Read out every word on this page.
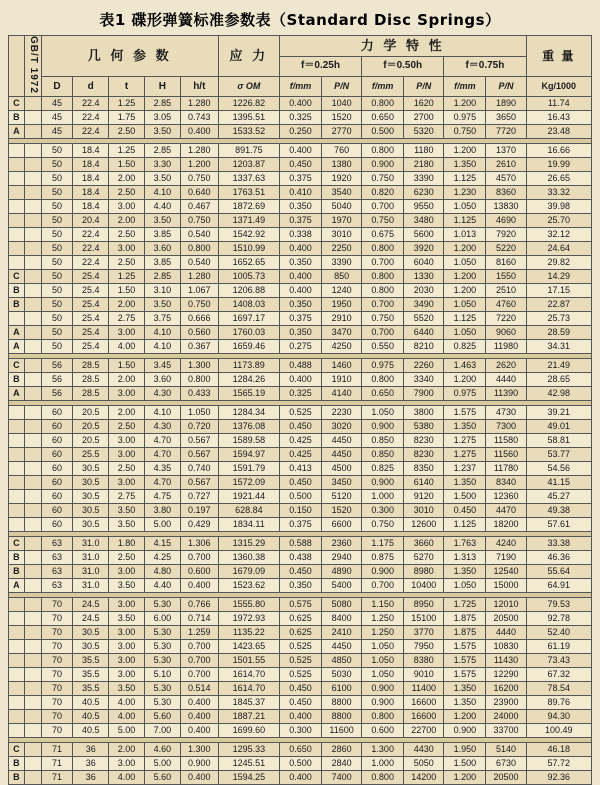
表1 碟形弹簧标准参数表（Standard Disc Springs）
	GB/T 1972	几 何 参 数					应 力	力 学 特 性						重 量
								f＝0.25h		f＝0.50h		f＝0.75h		
		D	d	t	H	h/t	σ OM	f/mm	P/N	f/mm	P/N	f/mm	P/N	Kg/1000
C		45	22.4	1.25	2.85	1.280	1226.82	0.400	1040	0.800	1620	1.200	1890	11.74
B		45	22.4	1.75	3.05	0.743	1395.51	0.325	1520	0.650	2700	0.975	3650	16.43
A		45	22.4	2.50	3.50	0.400	1533.52	0.250	2770	0.500	5320	0.750	7720	23.48

		50	18.4	1.25	2.85	1.280	891.75	0.400	760	0.800	1180	1.200	1370	16.66
		50	18.4	1.50	3.30	1.200	1203.87	0.450	1380	0.900	2180	1.350	2610	19.99
		50	18.4	2.00	3.50	0.750	1337.63	0.375	1920	0.750	3390	1.125	4570	26.65
		50	18.4	2.50	4.10	0.640	1763.51	0.410	3540	0.820	6230	1.230	8360	33.32
		50	18.4	3.00	4.40	0.467	1872.69	0.350	5040	0.700	9550	1.050	13830	39.98
		50	20.4	2.00	3.50	0.750	1371.49	0.375	1970	0.750	3480	1.125	4690	25.70
		50	22.4	2.50	3.85	0.540	1542.92	0.338	3010	0.675	5600	1.013	7920	32.12
		50	22.4	3.00	3.60	0.800	1510.99	0.400	2250	0.800	3920	1.200	5220	24.64
		50	22.4	2.50	3.85	0.540	1652.65	0.350	3390	0.700	6040	1.050	8160	29.82
C		50	25.4	1.25	2.85	1.280	1005.73	0.400	850	0.800	1330	1.200	1550	14.29
B		50	25.4	1.50	3.10	1.067	1206.88	0.400	1240	0.800	2030	1.200	2510	17.15
B		50	25.4	2.00	3.50	0.750	1408.03	0.350	1950	0.700	3490	1.050	4760	22.87
		50	25.4	2.75	3.75	0.666	1697.17	0.375	2910	0.750	5520	1.125	7220	25.73
A		50	25.4	3.00	4.10	0.560	1760.03	0.350	3470	0.700	6440	1.050	9060	28.59
A		50	25.4	4.00	4.10	0.367	1659.46	0.275	4250	0.550	8210	0.825	11980	34.31

C		56	28.5	1.50	3.45	1.300	1173.89	0.488	1460	0.975	2260	1.463	2620	21.49
B		56	28.5	2.00	3.60	0.800	1284.26	0.400	1910	0.800	3340	1.200	4440	28.65
A		56	28.5	3.00	4.30	0.433	1565.19	0.325	4140	0.650	7900	0.975	11390	42.98

		60	20.5	2.00	4.10	1.050	1284.34	0.525	2230	1.050	3800	1.575	4730	39.21
		60	20.5	2.50	4.30	0.720	1376.08	0.450	3020	0.900	5380	1.350	7300	49.01
		60	20.5	3.00	4.70	0.567	1589.58	0.425	4450	0.850	8230	1.275	11580	58.81
		60	25.5	3.00	4.70	0.567	1594.97	0.425	4450	0.850	8230	1.275	11560	53.77
		60	30.5	2.50	4.35	0.740	1591.79	0.413	4500	0.825	8350	1.237	11780	54.56
		60	30.5	3.00	4.70	0.567	1572.09	0.450	3450	0.900	6140	1.350	8340	41.15
		60	30.5	2.75	4.75	0.727	1921.44	0.500	5120	1.000	9120	1.500	12360	45.27
		60	30.5	3.50	3.80	0.197	628.84	0.150	1520	0.300	3010	0.450	4470	49.38
		60	30.5	3.50	5.00	0.429	1834.11	0.375	6600	0.750	12600	1.125	18200	57.61

C		63	31.0	1.80	4.15	1.306	1315.29	0.588	2360	1.175	3660	1.763	4240	33.38
B		63	31.0	2.50	4.25	0.700	1360.38	0.438	2940	0.875	5270	1.313	7190	46.36
B		63	31.0	3.00	4.80	0.600	1679.09	0.450	4890	0.900	8980	1.350	12540	55.64
A		63	31.0	3.50	4.40	0.400	1523.62	0.350	5400	0.700	10400	1.050	15000	64.91

		70	24.5	3.00	5.30	0.766	1555.80	0.575	5080	1.150	8950	1.725	12010	79.53
		70	24.5	3.50	6.00	0.714	1972.93	0.625	8400	1.250	15100	1.875	20500	92.78
		70	30.5	3.00	5.30	1.259	1135.22	0.625	2410	1.250	3770	1.875	4440	52.40
		70	30.5	3.00	5.30	0.700	1423.65	0.525	4450	1.050	7950	1.575	10830	61.19
		70	35.5	3.00	5.30	0.700	1501.55	0.525	4850	1.050	8380	1.575	11430	73.43
		70	35.5	3.00	5.10	0.700	1614.70	0.525	5030	1.050	9010	1.575	12290	67.32
		70	35.5	3.50	5.30	0.514	1614.70	0.450	6100	0.900	11400	1.350	16200	78.54
		70	40.5	4.00	5.30	0.400	1845.37	0.450	8800	0.900	16600	1.350	23900	89.76
		70	40.5	4.00	5.60	0.400	1887.21	0.400	8800	0.800	16600	1.200	24000	94.30
		70	40.5	5.00	7.00	0.400	1699.60	0.300	11600	0.600	22700	0.900	33700	100.49

C		71	36	2.00	4.60	1.300	1295.33	0.650	2860	1.300	4430	1.950	5140	46.18
B		71	36	3.00	5.00	0.900	1245.51	0.500	2840	1.000	5050	1.500	6730	57.72
B		71	36	4.00	5.60	0.400	1594.25	0.400	7400	0.800	14200	1.200	20500	92.36
